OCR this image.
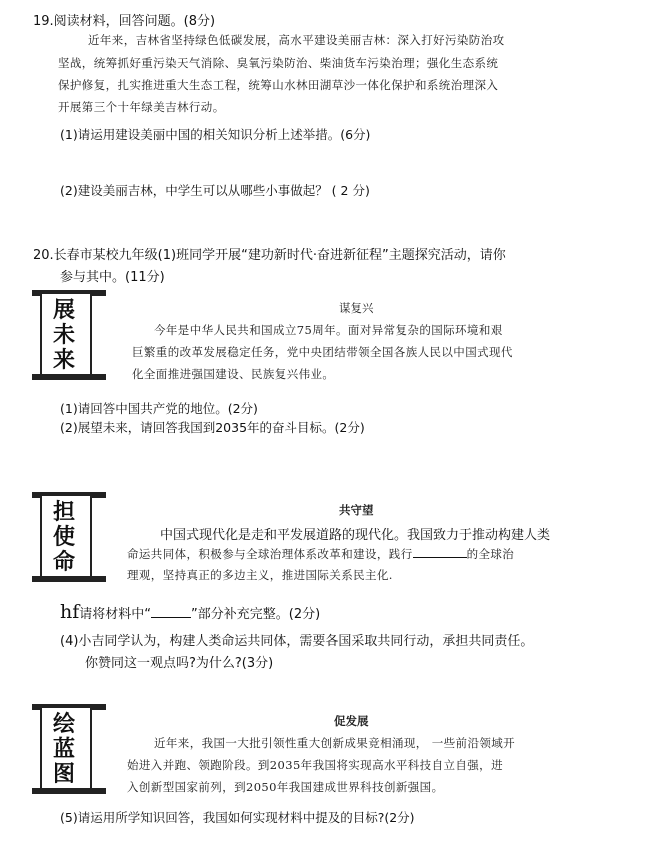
19.阅读材料，回答问题。(8分)
近年来，吉林省坚持绿色低碳发展，高水平建设美丽吉林：深入打好污染防治攻
坚战，统筹抓好重污染天气消除、臭氧污染防治、柴油货车污染治理；强化生态系统
保护修复，扎实推进重大生态工程，统筹山水林田湖草沙一体化保护和系统治理深入
开展第三个十年绿美吉林行动。
(1)请运用建设美丽中国的相关知识分析上述举措。(6分)
(2)建设美丽吉林，中学生可以从哪些小事做起？ ( 2 分)
20.长春市某校九年级(1)班同学开展“建功新时代·奋进新征程”主题探究活动，请你
参与其中。(11分)
展
未
来
谋复兴
今年是中华人民共和国成立75周年。面对异常复杂的国际环境和艰
巨繁重的改革发展稳定任务，党中央团结带领全国各族人民以中国式现代
化全面推进强国建设、民族复兴伟业。
(1)请回答中国共产党的地位。(2分)
(2)展望未来，请回答我国到2035年的奋斗目标。(2分)
担
使
命
共守望
中国式现代化是走和平发展道路的现代化。我国致力于推动构建人类
命运共同体，积极参与全球治理体系改革和建设，践行	的全球治
理观，坚持真正的多边主义，推进国际关系民主化.
hf请将材料中“	”部分补充完整。(2分)
(4)小吉同学认为，构建人类命运共同体，需要各国采取共同行动，承担共同责任。
你赞同这一观点吗?为什么?(3分)
绘
蓝
图
促发展
近年来，我国一大批引领性重大创新成果竞相涌现， 一些前沿领域开
始进入并跑、领跑阶段。到2035年我国将实现高水平科技自立自强，进
入创新型国家前列，到2050年我国建成世界科技创新强国。
(5)请运用所学知识回答，我国如何实现材料中提及的目标?(2分)
